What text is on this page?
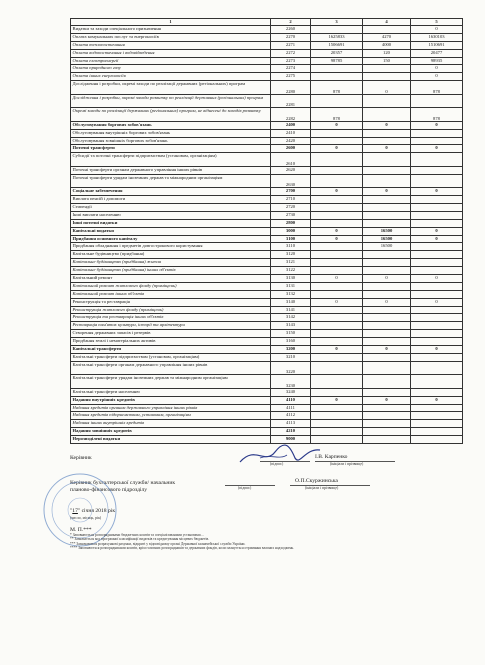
1	2	3	4	5
Видатки та заходи спеціального призначення	2260			0
Оплата комунальних послуг та енергоносіїв	2270	1625833	4270	1630103
Оплата теплопостачання	2271	1506691	4000	1510691
Оплата водопостачання і водовідведення	2272	20357	120	20477
Оплата електроенергії	2273	98785	150	98935
Оплата природного газу	2274			0
Оплата інших енергоносіїв	2275			0
Дослідження і розробки, окремі заходи по реалізації державних (регіональних) програм	2280	878	0	878
Дослідження і розробки, окремі заходи розвитку по реалізації державних (регіональних) програм	2281			
Окремі заходи по реалізації державних (регіональних) програм, не віднесені до заходів розвитку	2282	878		878
Обслуговування боргових зобов'язань	2400	0	0	0
Обслуговування внутрішніх боргових зобов'язань	2410			
Обслуговування зовнішніх боргових зобов'язань	2420			
Поточні трансферти	2600	0	0	0
Субсидії та поточні трансферти підприємствам (установам, організаціям)	2610			
Поточні трансферти органам державного управління інших рівнів	2620			
Поточні трансферти урядам іноземних держав та міжнародним організаціям	2630			
Соціальне забезпечення	2700	0	0	0
Виплата пенсій і допомоги	2710			
Стипендії	2720			
Інші виплати населенню	2730			
Інші поточні видатки	2800			
Капітальні видатки	3000	0	16500	0
Придбання основного капіталу	3100	0	16500	0
Придбання обладнання і предметів довгострокового користування	3110		16500	
Капітальне будівництво (придбання)	3120			
Капітальне будівництво (придбання) житла	3121			
Капітальне будівництво (придбання) інших об'єктів	3122			
Капітальний ремонт	3130	0	0	0
Капітальний ремонт житлового фонду (приміщень)	3131			
Капітальний ремонт інших об'єктів	3132			
Реконструкція та реставрація	3140	0	0	0
Реконструкція житлового фонду (приміщень)	3141			
Реконструкція та реставрація інших об'єктів	3142			
Реставрація пам'яток культури, історії та архітектури	3143			
Створення державних запасів і резервів	3150			
Придбання землі і нематеріальних активів	3160			
Капітальні трансферти	3200	0	0	0
Капітальні трансферти підприємствам (установам, організаціям)	3210			
Капітальні трансферти органам державного управління інших рівнів	3220			
Капітальні трансферти урядам іноземних держав та міжнародним організаціям	3230			
Капітальні трансферти населенню	3240			
Надання внутрішніх кредитів	4110	0	0	0
Надання кредитів органам державного управління інших рівнів	4111			
Надання кредитів підприємствам, установам, організаціям	4112			
Надання інших внутрішніх кредитів	4113			
Надання зовнішніх кредитів	4210			
Нерозподілені видатки	9000			
Керівник	І.В. Карпенко
(підпис)	(ініціали і прізвище)
Керівник бухгалтерської служби/ начальник
планово-фінансового підрозділу
О.П.Скуржинська
(підпис)	(ініціали і прізвище)
"17" січня 2018 рік
(число, місяць, рік)
М. П.***
* Заповнюється розпорядниками бюджетних коштів та спеціалізованими установами…
** Зазначається код програмної класифікації видатків та кредитування місцевих бюджетів.
*** Зазначаються розрахункові рахунки, відкриті у відповідному органі Державної казначейської служби України.
**** Заповнюється розпорядниками коштів, крім головних розпорядників та державних фондів, коли планується отримання власних надходжень.
